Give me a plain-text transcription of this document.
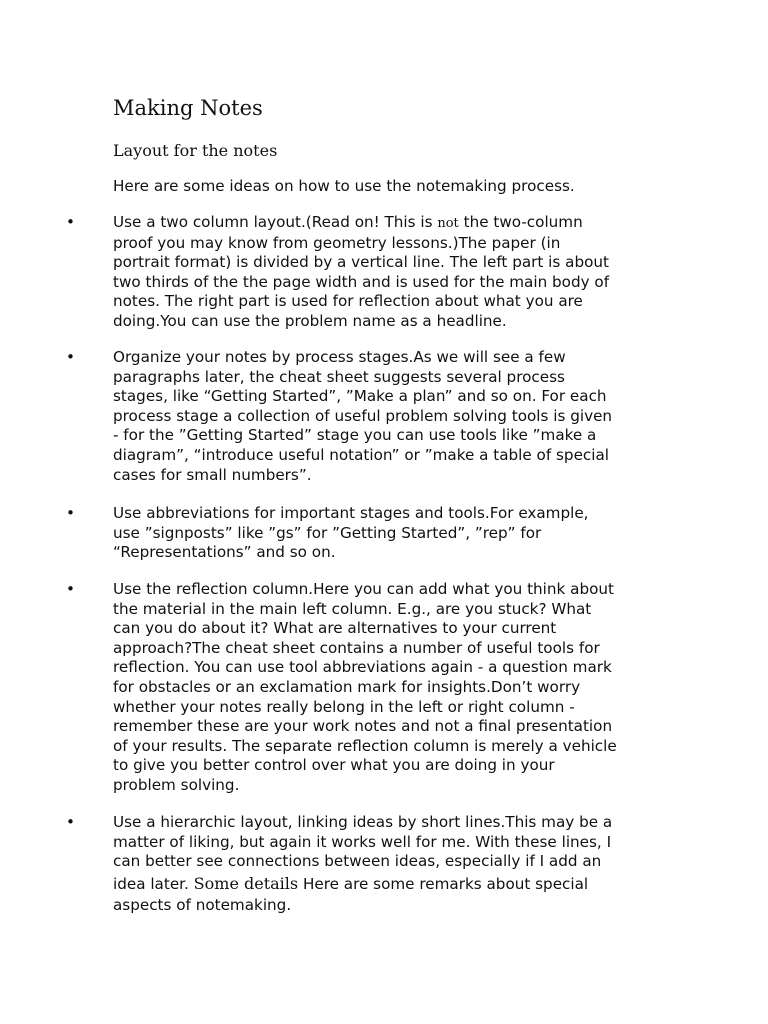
Making Notes
Layout for the notes

Here are some ideas on how to use the notemaking process.

•	Use a two column layout.(Read on! This is not the two-column
proof you may know from geometry lessons.)The paper (in
portrait format) is divided by a vertical line. The left part is about
two thirds of the the page width and is used for the main body of
notes. The right part is used for reflection about what you are
doing.You can use the problem name as a headline.

•	Organize your notes by process stages.As we will see a few
paragraphs later, the cheat sheet suggests several process
stages, like “Getting Started”, ”Make a plan” and so on. For each
process stage a collection of useful problem solving tools is given
- for the ”Getting Started” stage you can use tools like ”make a
diagram”, “introduce useful notation” or ”make a table of special
cases for small numbers”.

•	Use abbreviations for important stages and tools.For example,
use ”signposts” like ”gs” for ”Getting Started”, ”rep” for
“Representations” and so on.

•	Use the reflection column.Here you can add what you think about
the material in the main left column. E.g., are you stuck? What
can you do about it? What are alternatives to your current
approach?The cheat sheet contains a number of useful tools for
reflection. You can use tool abbreviations again - a question mark
for obstacles or an exclamation mark for insights.Don’t worry
whether your notes really belong in the left or right column -
remember these are your work notes and not a final presentation
of your results. The separate reflection column is merely a vehicle
to give you better control over what you are doing in your
problem solving.

•	Use a hierarchic layout, linking ideas by short lines.This may be a
matter of liking, but again it works well for me. With these lines, I
can better see connections between ideas, especially if I add an
idea later. Some details Here are some remarks about special
aspects of notemaking.
